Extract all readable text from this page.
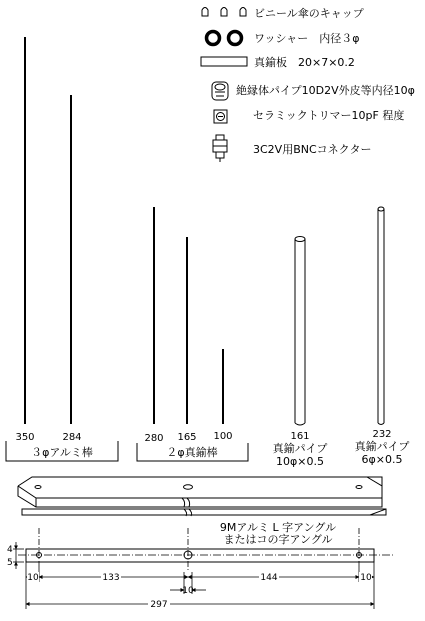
ビニール傘のキャップ
ワッシャー　内径３φ
真鍮板　20×7×0.2
絶縁体パイプ10D2V外皮等内径10φ
セラミックトリマー10pF 程度
3C2V用BNCコネクター
350	284	280 165 100	161	232
３φアルミ棒	２φ真鍮棒	真鍮パイプ
10φ×0.5
真鍮パイプ
6φ×0.5
9Mアルミ L 字アングル
またはコの字アングル
4
5
10	133	144	10
10
297
